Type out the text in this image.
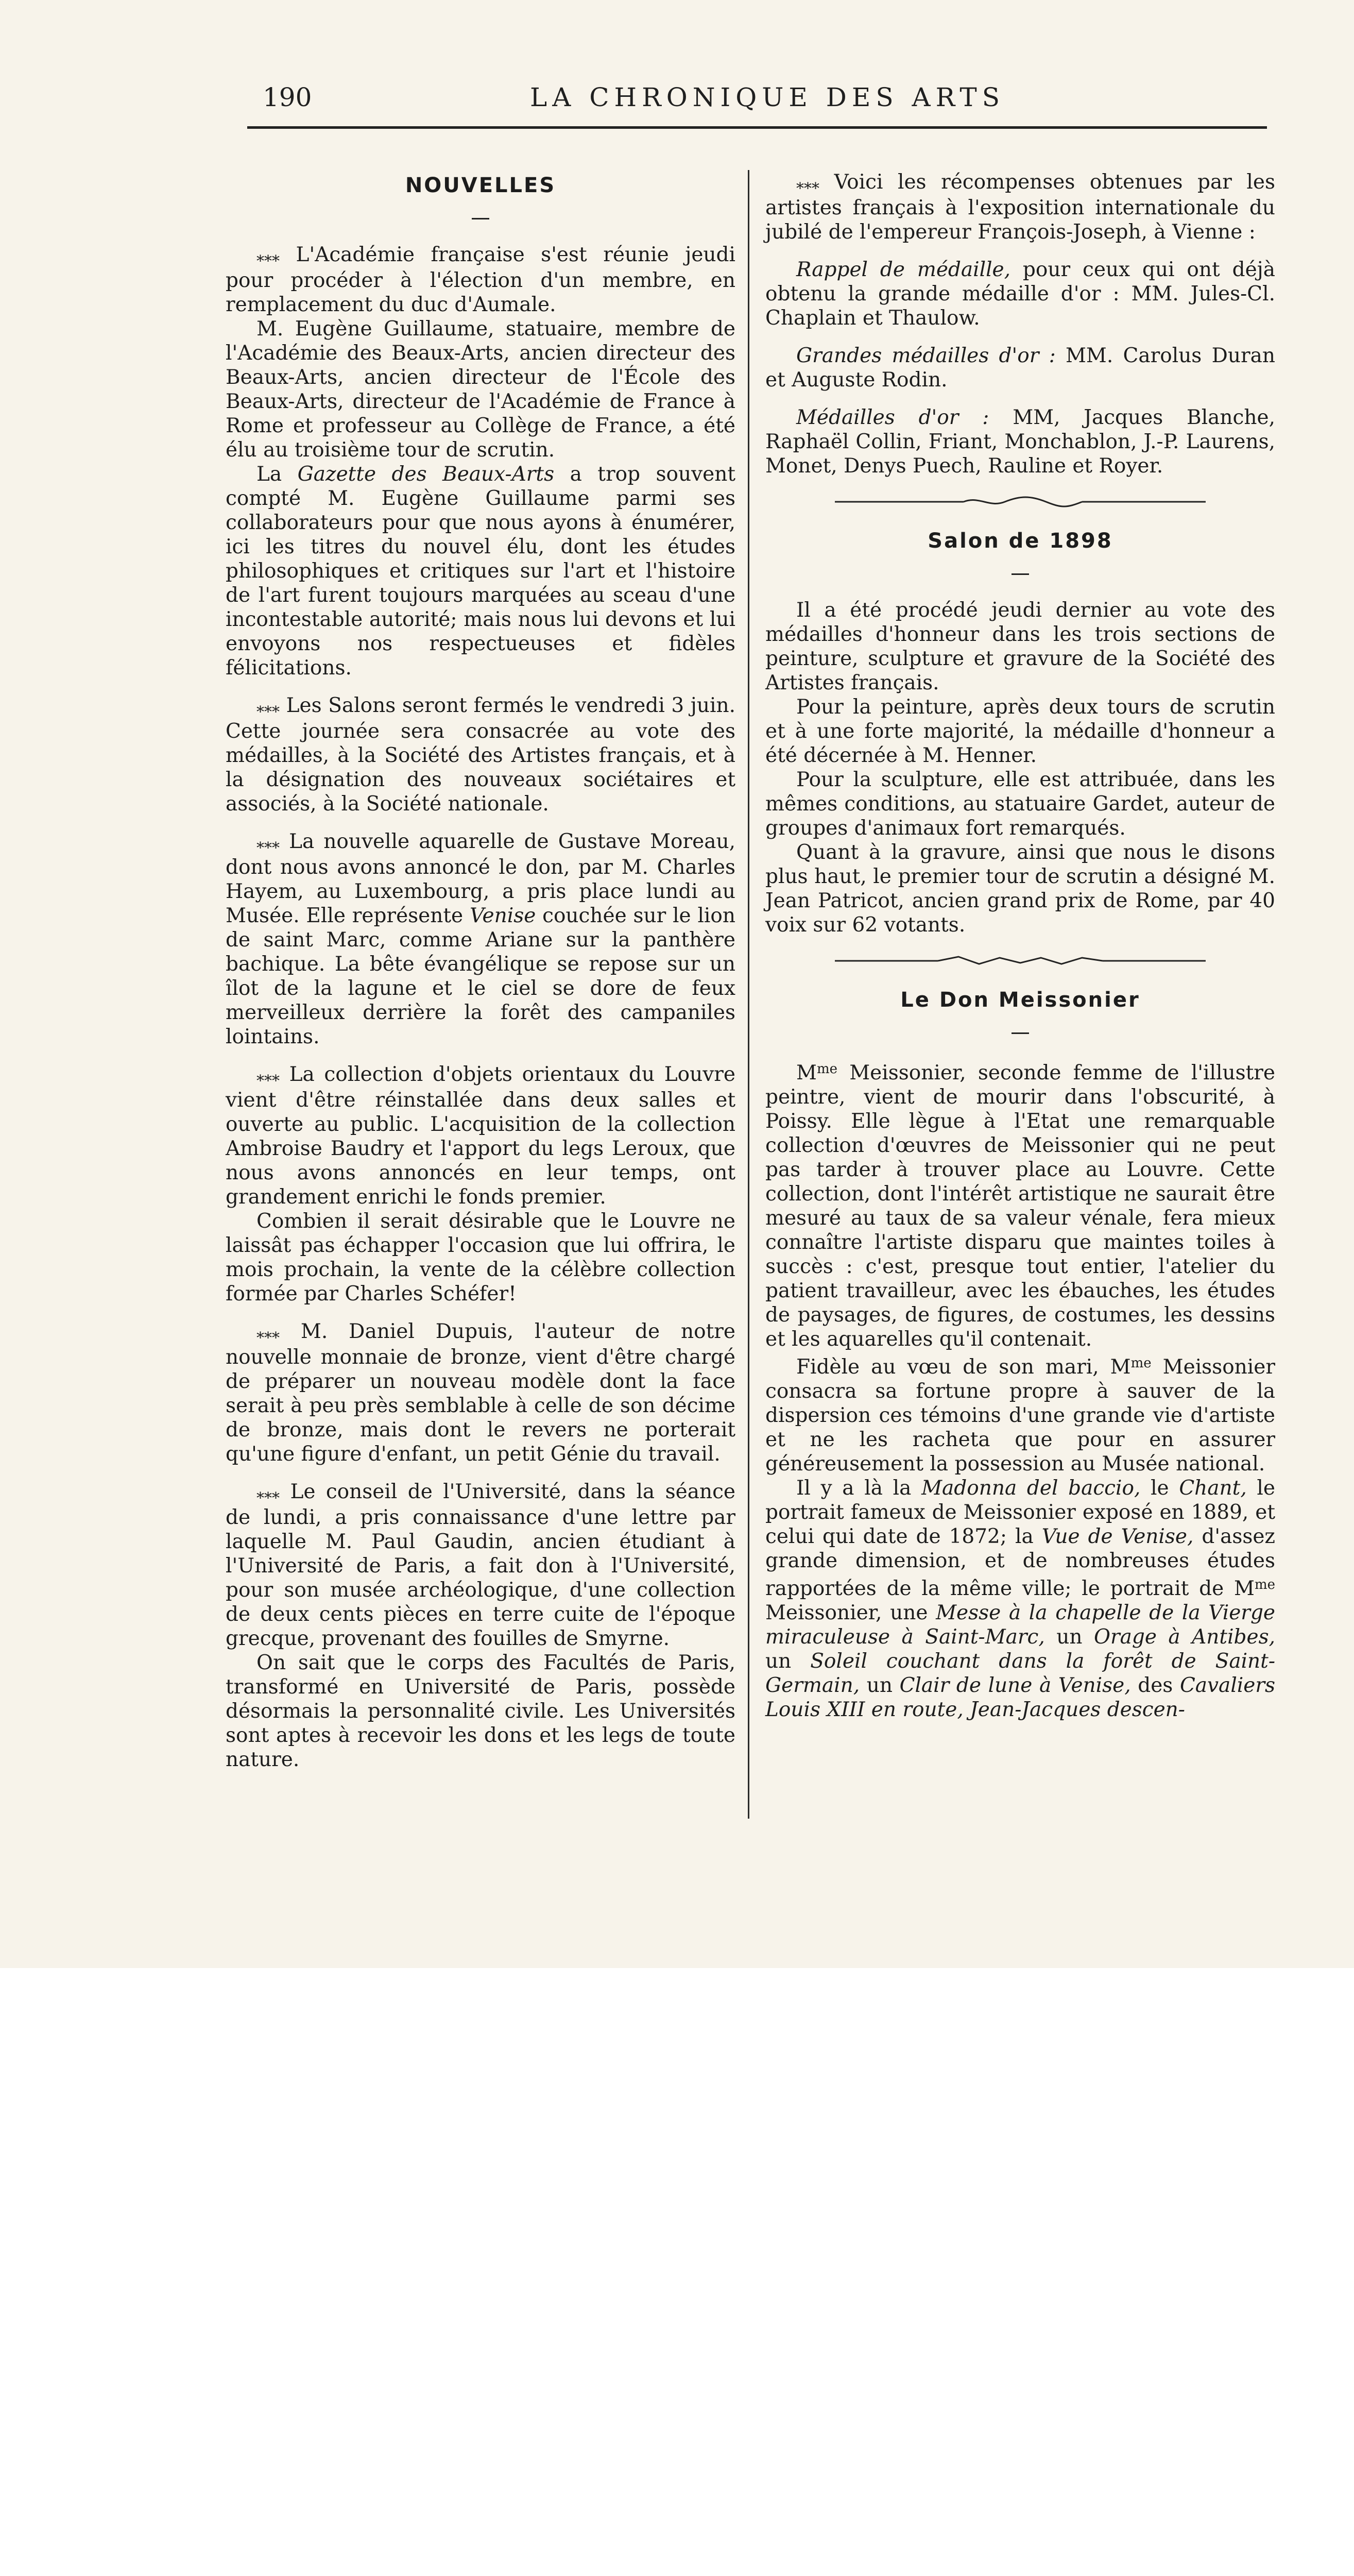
190	LA CHRONIQUE DES ARTS
NOUVELLES

⁎⁎⁎ L'Académie française s'est réunie jeudi pour procéder à l'élection d'un membre, en remplacement du duc d'Aumale.

M. Eugène Guillaume, statuaire, membre de l'Académie des Beaux-Arts, ancien directeur des Beaux-Arts, ancien directeur de l'École des Beaux-Arts, directeur de l'Académie de France à Rome et professeur au Collège de France, a été élu au troisième tour de scrutin.

La Gazette des Beaux-Arts a trop souvent compté M. Eugène Guillaume parmi ses collaborateurs pour que nous ayons à énumérer, ici les titres du nouvel élu, dont les études philosophiques et critiques sur l'art et l'histoire de l'art furent toujours marquées au sceau d'une incontestable autorité; mais nous lui devons et lui envoyons nos respectueuses et fidèles félicitations.

⁎⁎⁎ Les Salons seront fermés le vendredi 3 juin. Cette journée sera consacrée au vote des médailles, à la Société des Artistes français, et à la désignation des nouveaux sociétaires et associés, à la Société nationale.

⁎⁎⁎ La nouvelle aquarelle de Gustave Moreau, dont nous avons annoncé le don, par M. Charles Hayem, au Luxembourg, a pris place lundi au Musée. Elle représente Venise couchée sur le lion de saint Marc, comme Ariane sur la panthère bachique. La bête évangélique se repose sur un îlot de la lagune et le ciel se dore de feux merveilleux derrière la forêt des campaniles lointains.

⁎⁎⁎ La collection d'objets orientaux du Louvre vient d'être réinstallée dans deux salles et ouverte au public. L'acquisition de la collection Ambroise Baudry et l'apport du legs Leroux, que nous avons annoncés en leur temps, ont grandement enrichi le fonds premier.

Combien il serait désirable que le Louvre ne laissât pas échapper l'occasion que lui offrira, le mois prochain, la vente de la célèbre collection formée par Charles Schéfer!

⁎⁎⁎ M. Daniel Dupuis, l'auteur de notre nouvelle monnaie de bronze, vient d'être chargé de préparer un nouveau modèle dont la face serait à peu près semblable à celle de son décime de bronze, mais dont le revers ne porterait qu'une figure d'enfant, un petit Génie du travail.

⁎⁎⁎ Le conseil de l'Université, dans la séance de lundi, a pris connaissance d'une lettre par laquelle M. Paul Gaudin, ancien étudiant à l'Université de Paris, a fait don à l'Université, pour son musée archéologique, d'une collection de deux cents pièces en terre cuite de l'époque grecque, provenant des fouilles de Smyrne.

On sait que le corps des Facultés de Paris, transformé en Université de Paris, possède désormais la personnalité civile. Les Universités sont aptes à recevoir les dons et les legs de toute nature.

⁎⁎⁎ Voici les récompenses obtenues par les artistes français à l'exposition internationale du jubilé de l'empereur François-Joseph, à Vienne :

Rappel de médaille, pour ceux qui ont déjà obtenu la grande médaille d'or : MM. Jules-Cl. Chaplain et Thaulow.

Grandes médailles d'or : MM. Carolus Duran et Auguste Rodin.

Médailles d'or : MM, Jacques Blanche, Raphaël Collin, Friant, Monchablon, J.-P. Laurens, Monet, Denys Puech, Rauline et Royer.

Salon de 1898

Il a été procédé jeudi dernier au vote des médailles d'honneur dans les trois sections de peinture, sculpture et gravure de la Société des Artistes français.

Pour la peinture, après deux tours de scrutin et à une forte majorité, la médaille d'honneur a été décernée à M. Henner.

Pour la sculpture, elle est attribuée, dans les mêmes conditions, au statuaire Gardet, auteur de groupes d'animaux fort remarqués.

Quant à la gravure, ainsi que nous le disons plus haut, le premier tour de scrutin a désigné M. Jean Patricot, ancien grand prix de Rome, par 40 voix sur 62 votants.

Le Don Meissonier

$M^{me}$ Meissonier, seconde femme de l'illustre peintre, vient de mourir dans l'obscurité, à Poissy. Elle lègue à l'Etat une remarquable collection d'œuvres de Meissonier qui ne peut pas tarder à trouver place au Louvre. Cette collection, dont l'intérêt artistique ne saurait être mesuré au taux de sa valeur vénale, fera mieux connaître l'artiste disparu que maintes toiles à succès : c'est, presque tout entier, l'atelier du patient travailleur, avec les ébauches, les études de paysages, de figures, de costumes, les dessins et les aquarelles qu'il contenait.

Fidèle au vœu de son mari, $M^{me}$ Meissonier consacra sa fortune propre à sauver de la dispersion ces témoins d'une grande vie d'artiste et ne les racheta que pour en assurer généreusement la possession au Musée national.

Il y a là la Madonna del baccio, le Chant, le portrait fameux de Meissonier exposé en 1889, et celui qui date de 1872; la Vue de Venise, d'assez grande dimension, et de nombreuses études rapportées de la même ville; le portrait de $M^{me}$ Meissonier, une Messe à la chapelle de la Vierge miraculeuse à Saint-Marc, un Orage à Antibes, un Soleil couchant dans la forêt de Saint-Germain, un Clair de lune à Venise, des Cavaliers Louis XIII en route, Jean-Jacques descen-
